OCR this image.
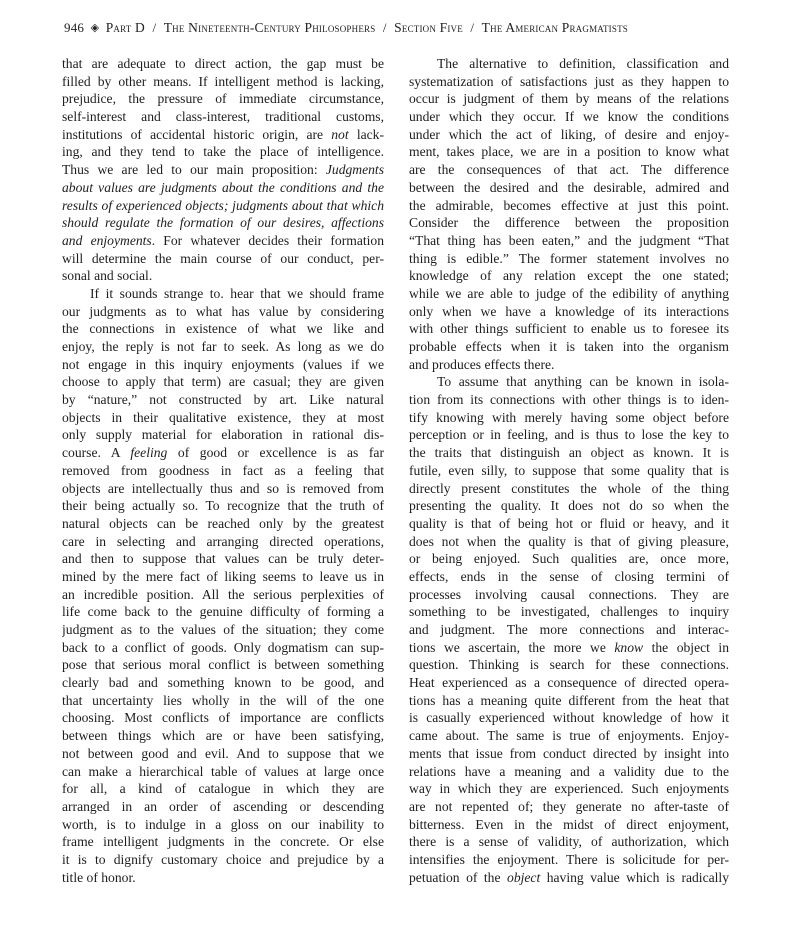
946 ◈ Part D / The Nineteenth-Century Philosophers / Section Five / The American Pragmatists
that are adequate to direct action, the gap must be
filled by other means. If intelligent method is lacking,
prejudice, the pressure of immediate circumstance,
self-interest and class-interest, traditional customs,
institutions of accidental historic origin, are not lack-
ing, and they tend to take the place of intelligence.
Thus we are led to our main proposition: Judgments
about values are judgments about the conditions and the
results of experienced objects; judgments about that which
should regulate the formation of our desires, affections
and enjoyments. For whatever decides their formation
will determine the main course of our conduct, per-
sonal and social.
If it sounds strange to. hear that we should frame
our judgments as to what has value by considering
the connections in existence of what we like and
enjoy, the reply is not far to seek. As long as we do
not engage in this inquiry enjoyments (values if we
choose to apply that term) are casual; they are given
by “nature,” not constructed by art. Like natural
objects in their qualitative existence, they at most
only supply material for elaboration in rational dis-
course. A feeling of good or excellence is as far
removed from goodness in fact as a feeling that
objects are intellectually thus and so is removed from
their being actually so. To recognize that the truth of
natural objects can be reached only by the greatest
care in selecting and arranging directed operations,
and then to suppose that values can be truly deter-
mined by the mere fact of liking seems to leave us in
an incredible position. All the serious perplexities of
life come back to the genuine difficulty of forming a
judgment as to the values of the situation; they come
back to a conflict of goods. Only dogmatism can sup-
pose that serious moral conflict is between something
clearly bad and something known to be good, and
that uncertainty lies wholly in the will of the one
choosing. Most conflicts of importance are conflicts
between things which are or have been satisfying,
not between good and evil. And to suppose that we
can make a hierarchical table of values at large once
for all, a kind of catalogue in which they are
arranged in an order of ascending or descending
worth, is to indulge in a gloss on our inability to
frame intelligent judgments in the concrete. Or else
it is to dignify customary choice and prejudice by a
title of honor.
The alternative to definition, classification and
systematization of satisfactions just as they happen to
occur is judgment of them by means of the relations
under which they occur. If we know the conditions
under which the act of liking, of desire and enjoy-
ment, takes place, we are in a position to know what
are the consequences of that act. The difference
between the desired and the desirable, admired and
the admirable, becomes effective at just this point.
Consider the difference between the proposition
“That thing has been eaten,” and the judgment “That
thing is edible.” The former statement involves no
knowledge of any relation except the one stated;
while we are able to judge of the edibility of anything
only when we have a knowledge of its interactions
with other things sufficient to enable us to foresee its
probable effects when it is taken into the organism
and produces effects there.
To assume that anything can be known in isola-
tion from its connections with other things is to iden-
tify knowing with merely having some object before
perception or in feeling, and is thus to lose the key to
the traits that distinguish an object as known. It is
futile, even silly, to suppose that some quality that is
directly present constitutes the whole of the thing
presenting the quality. It does not do so when the
quality is that of being hot or fluid or heavy, and it
does not when the quality is that of giving pleasure,
or being enjoyed. Such qualities are, once more,
effects, ends in the sense of closing termini of
processes involving causal connections. They are
something to be investigated, challenges to inquiry
and judgment. The more connections and interac-
tions we ascertain, the more we know the object in
question. Thinking is search for these connections.
Heat experienced as a consequence of directed opera-
tions has a meaning quite different from the heat that
is casually experienced without knowledge of how it
came about. The same is true of enjoyments. Enjoy-
ments that issue from conduct directed by insight into
relations have a meaning and a validity due to the
way in which they are experienced. Such enjoyments
are not repented of; they generate no after-taste of
bitterness. Even in the midst of direct enjoyment,
there is a sense of validity, of authorization, which
intensifies the enjoyment. There is solicitude for per-
petuation of the object having value which is radically
